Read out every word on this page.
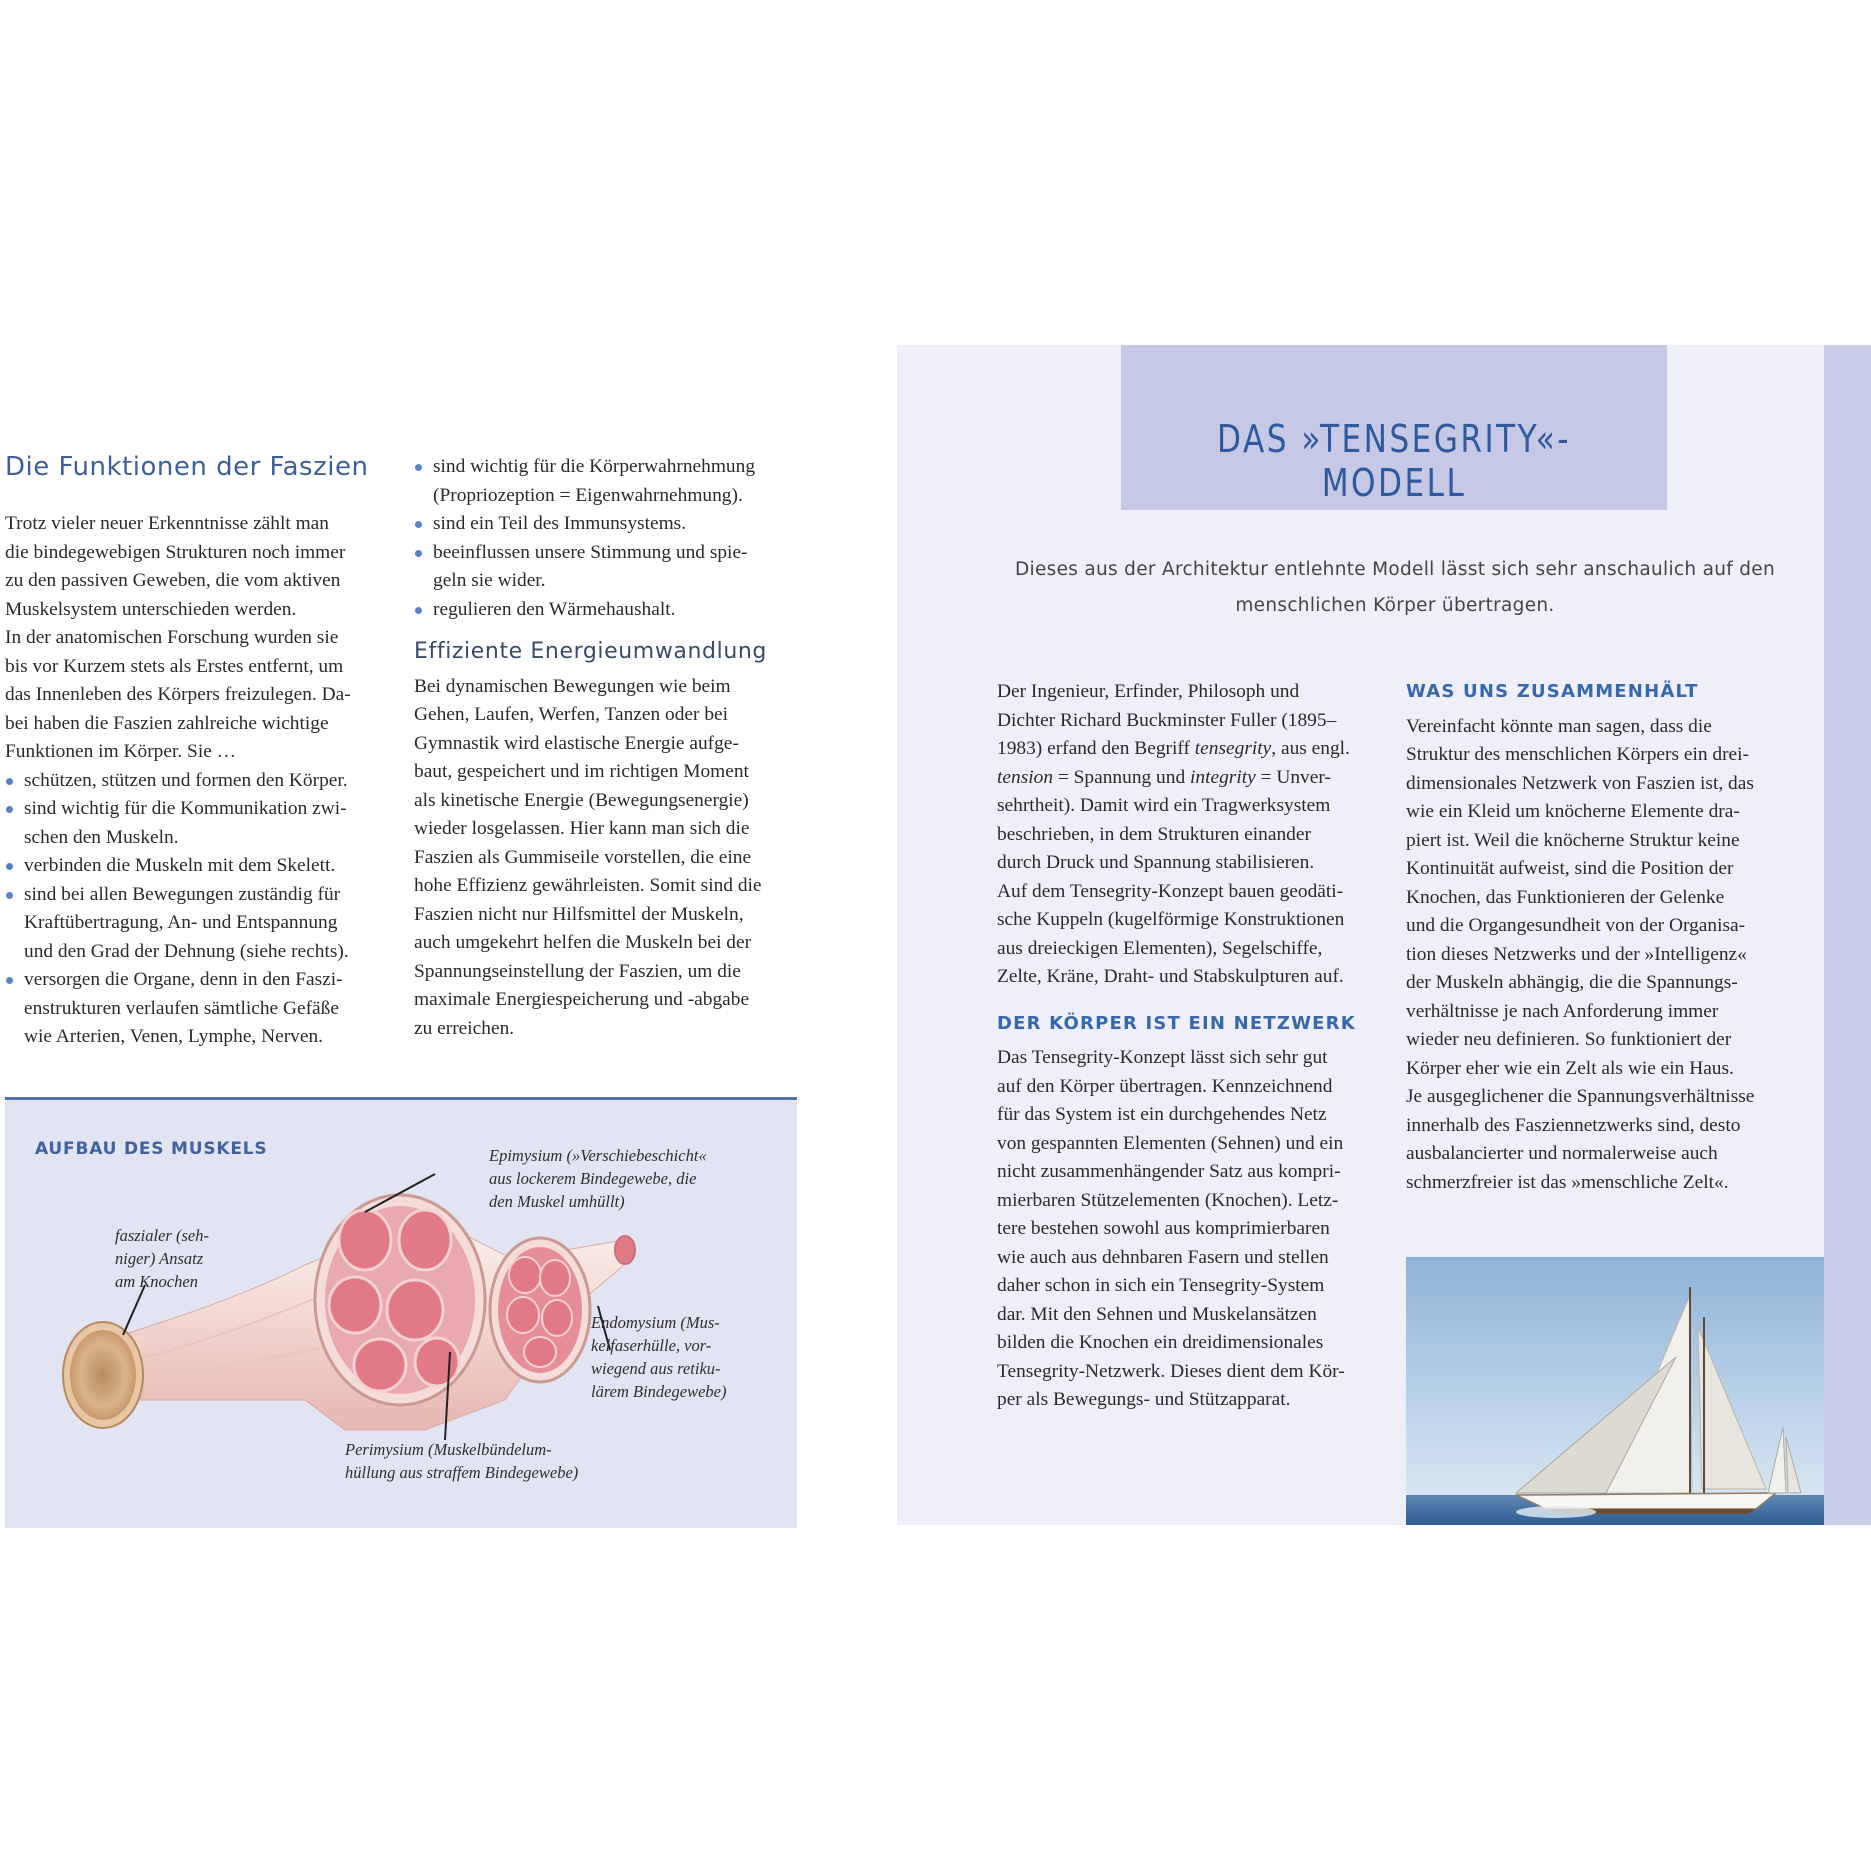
Die Funktionen der Faszien

Trotz vieler neuer Erkenntnisse zählt man
die bindegewebigen Strukturen noch immer
zu den passiven Geweben, die vom aktiven
Muskelsystem unterschieden werden.
In der anatomischen Forschung wurden sie
bis vor Kurzem stets als Erstes entfernt, um
das Innenleben des Körpers freizulegen. Da-
bei haben die Faszien zahlreiche wichtige
Funktionen im Körper. Sie …

schützen, stützen und formen den Körper.
sind wichtig für die Kommunikation zwi-
schen den Muskeln.
verbinden die Muskeln mit dem Skelett.
sind bei allen Bewegungen zuständig für
Kraftübertragung, An- und Entspannung
und den Grad der Dehnung (siehe rechts).
versorgen die Organe, denn in den Faszi-
enstrukturen verlaufen sämtliche Gefäße
wie Arterien, Venen, Lymphe, Nerven.
sind wichtig für die Körperwahrnehmung
(Propriozeption = Eigenwahrnehmung).
sind ein Teil des Immunsystems.
beeinflussen unsere Stimmung und spie-
geln sie wider.
regulieren den Wärmehaushalt.
Effiziente Energieumwandlung

Bei dynamischen Bewegungen wie beim
Gehen, Laufen, Werfen, Tanzen oder bei
Gymnastik wird elastische Energie aufge-
baut, gespeichert und im richtigen Moment
als kinetische Energie (Bewegungsenergie)
wieder losgelassen. Hier kann man sich die
Faszien als Gummiseile vorstellen, die eine
hohe Effizienz gewährleisten. Somit sind die
Faszien nicht nur Hilfsmittel der Muskeln,
auch umgekehrt helfen die Muskeln bei der
Spannungseinstellung der Faszien, um die
maximale Energiespeicherung und -abgabe
zu erreichen.

AUFBAU DES MUSKELS
faszialer (seh-
niger) Ansatz
am Knochen
Epimysium (»Verschiebeschicht«
aus lockerem Bindegewebe, die
den Muskel umhüllt)
Endomysium (Mus-
kelfaserhülle, vor-
wiegend aus retiku-
lärem Bindegewebe)
Perimysium (Muskelbündelum-
hüllung aus straffem Bindegewebe)
DAS »TENSEGRITY«-MODELL
Dieses aus der Architektur entlehnte Modell lässt sich sehr anschaulich auf den
menschlichen Körper übertragen.

Der Ingenieur, Erfinder, Philosoph und
Dichter Richard Buckminster Fuller (1895–
1983) erfand den Begriff tensegrity, aus engl.
tension = Spannung und integrity = Unver-
sehrtheit). Damit wird ein Tragwerksystem
beschrieben, in dem Strukturen einander
durch Druck und Spannung stabilisieren.
Auf dem Tensegrity-Konzept bauen geodäti-
sche Kuppeln (kugelförmige Konstruktionen
aus dreieckigen Elementen), Segelschiffe,
Zelte, Kräne, Draht- und Stabskulpturen auf.

DER KÖRPER IST EIN NETZWERK

Das Tensegrity-Konzept lässt sich sehr gut
auf den Körper übertragen. Kennzeichnend
für das System ist ein durchgehendes Netz
von gespannten Elementen (Sehnen) und ein
nicht zusammenhängender Satz aus kompri-
mierbaren Stützelementen (Knochen). Letz-
tere bestehen sowohl aus komprimierbaren
wie auch aus dehnbaren Fasern und stellen
daher schon in sich ein Tensegrity-System
dar. Mit den Sehnen und Muskelansätzen
bilden die Knochen ein dreidimensionales
Tensegrity-Netzwerk. Dieses dient dem Kör-
per als Bewegungs- und Stützapparat.

WAS UNS ZUSAMMENHÄLT

Vereinfacht könnte man sagen, dass die
Struktur des menschlichen Körpers ein drei-
dimensionales Netzwerk von Faszien ist, das
wie ein Kleid um knöcherne Elemente dra-
piert ist. Weil die knöcherne Struktur keine
Kontinuität aufweist, sind die Position der
Knochen, das Funktionieren der Gelenke
und die Organgesundheit von der Organisa-
tion dieses Netzwerks und der »Intelligenz«
der Muskeln abhängig, die die Spannungs-
verhältnisse je nach Anforderung immer
wieder neu definieren. So funktioniert der
Körper eher wie ein Zelt als wie ein Haus.
Je ausgeglichener die Spannungsverhältnisse
innerhalb des Fasziennetzwerks sind, desto
ausbalancierter und normalerweise auch
schmerzfreier ist das »menschliche Zelt«.
